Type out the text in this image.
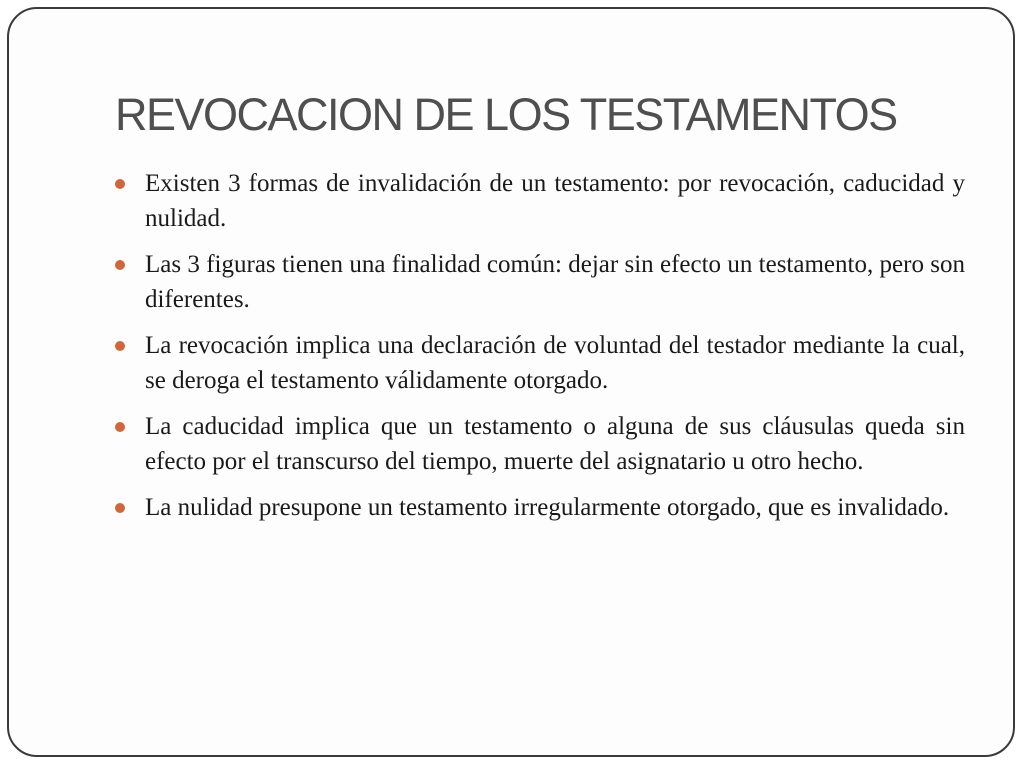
REVOCACION DE LOS TESTAMENTOS
Existen 3 formas de invalidación de un testamento: por revocación, caducidad y nulidad.
Las 3 figuras tienen una finalidad común: dejar sin efecto un testamento, pero son diferentes.
La revocación implica una declaración de voluntad del testador mediante la cual, se deroga el testamento válidamente otorgado.
La caducidad implica que un testamento o alguna de sus cláusulas queda sin efecto por el transcurso del tiempo, muerte del asignatario u otro hecho.
La nulidad presupone un testamento irregularmente otorgado, que es invalidado.
